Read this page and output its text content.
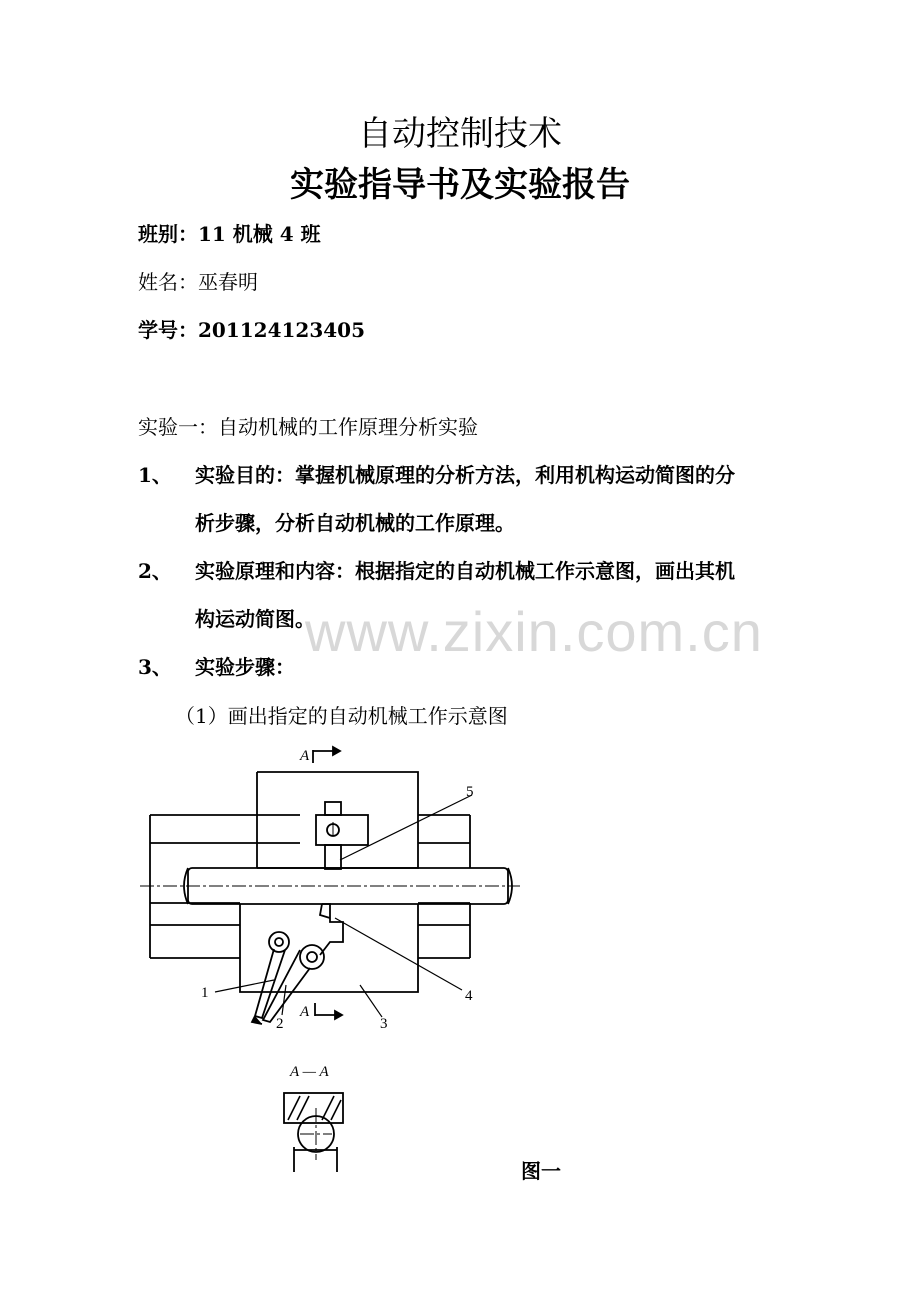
自动控制技术
实验指导书及实验报告
班别：11 机械 4 班
姓名：巫春明
学号：201124123405
实验一：自动机械的工作原理分析实验
1、 实验目的：掌握机械原理的分析方法，利用机构运动简图的分
析步骤，分析自动机械的工作原理。
2、 实验原理和内容：根据指定的自动机械工作示意图，画出其机
构运动简图。
3、 实验步骤：
（1）画出指定的自动机械工作示意图
www.zixin.com.cn
A
A
A — A
1
2	3
4
5
图一
